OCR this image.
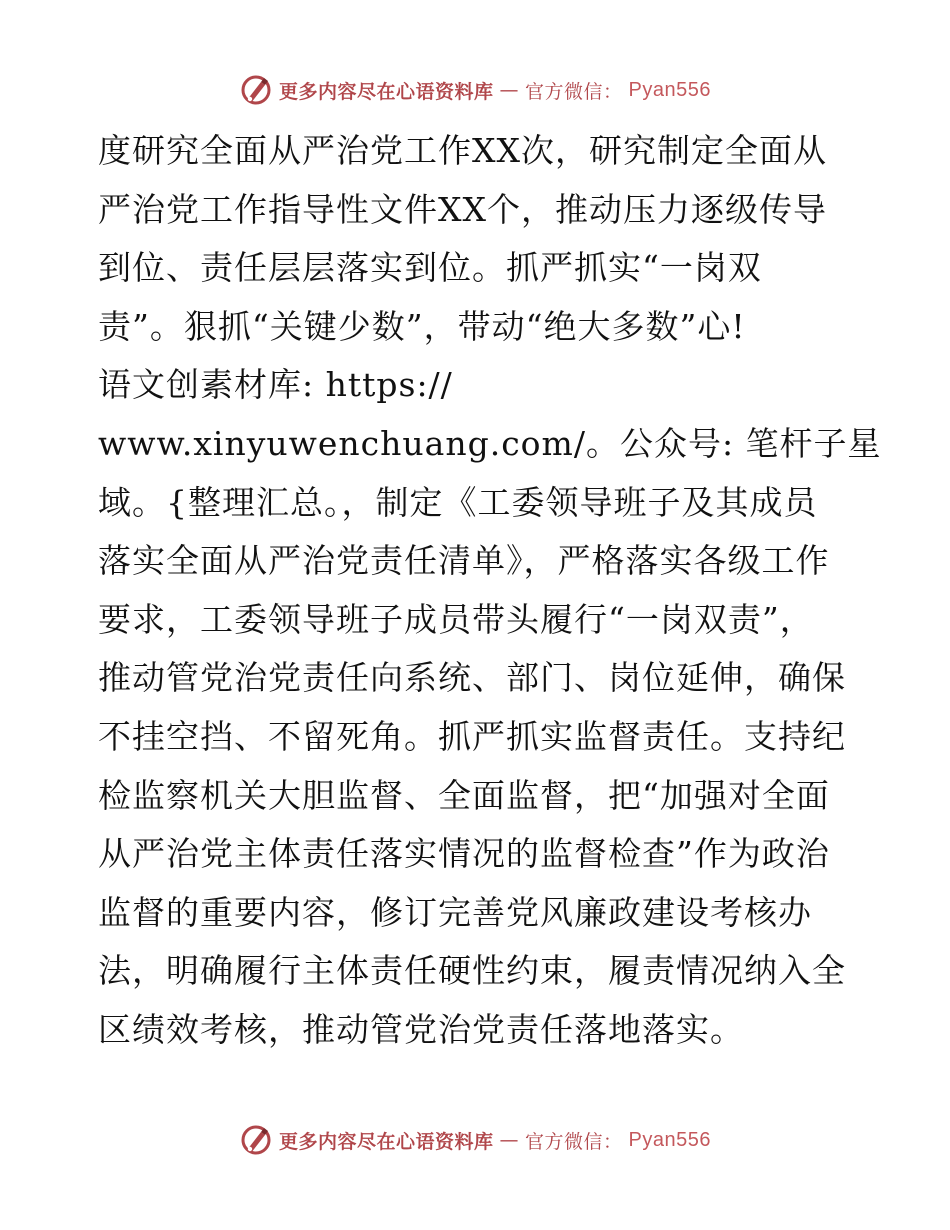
更多内容尽在心语资料库 — 官方微信： Pyan556
度研究全面从严治党工作XX次，研究制定全面从
严治党工作指导性文件XX个，推动压力逐级传导
到位、责任层层落实到位。抓严抓实“一岗双
责”。狠抓“关键少数”，带动“绝大多数”心!
语文创素材库: https://
www.xinyuwenchuang.com/。公众号: 笔杆子星
域。{整理汇总。，制定《工委领导班子及其成员
落实全面从严治党责任清单》，严格落实各级工作
要求，工委领导班子成员带头履行“一岗双责”，
推动管党治党责任向系统、部门、岗位延伸，确保
不挂空挡、不留死角。抓严抓实监督责任。支持纪
检监察机关大胆监督、全面监督，把“加强对全面
从严治党主体责任落实情况的监督检查”作为政治
监督的重要内容，修订完善党风廉政建设考核办
法，明确履行主体责任硬性约束，履责情况纳入全
区绩效考核，推动管党治党责任落地落实。
更多内容尽在心语资料库 — 官方微信： Pyan556
